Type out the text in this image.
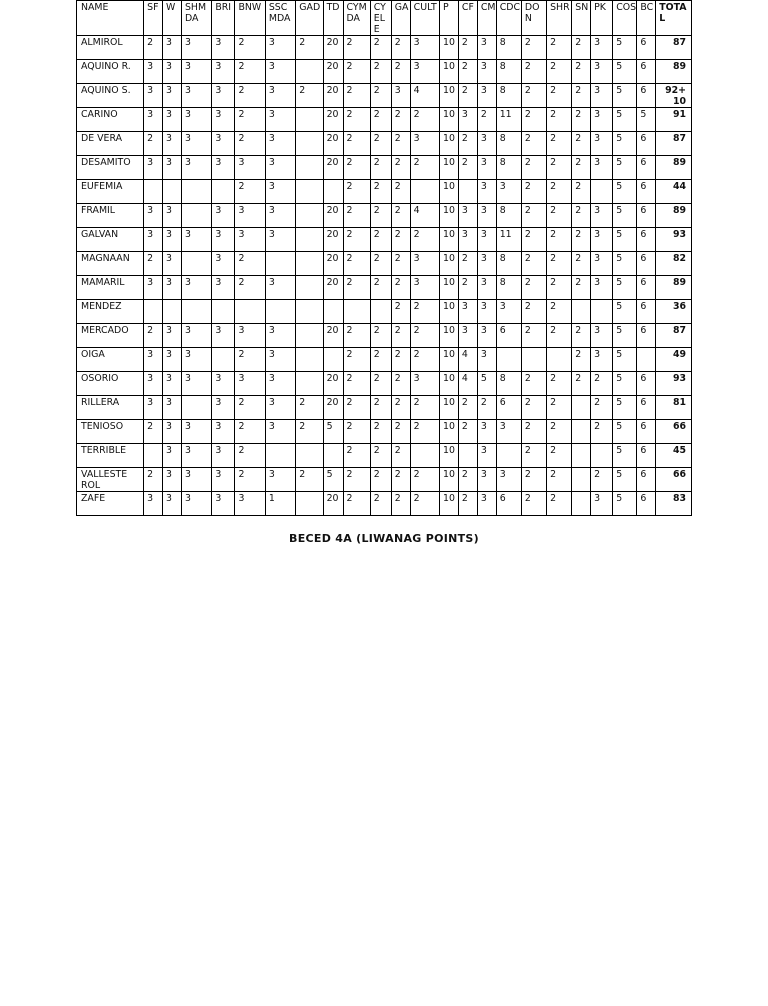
NAME	SF	W	SHMDA	BRI	BNW	SSCMDA	GAD	TD	CYMDA	CYELE	GA	CULT	P	CF	CM	CDC	DON	SHR	SN	PK	COS	BC	TOTAL
ALMIROL	2	3	3	3	2	3	2	20	2	2	2	3	10	2	3	8	2	2	2	3	5	6	87
AQUINO R.	3	3	3	3	2	3		20	2	2	2	3	10	2	3	8	2	2	2	3	5	6	89
AQUINO S.	3	3	3	3	2	3	2	20	2	2	3	4	10	2	3	8	2	2	2	3	5	6	92+ 10
CARINO	3	3	3	3	2	3		20	2	2	2	2	10	3	2	11	2	2	2	3	5	5	91
DE VERA	2	3	3	3	2	3		20	2	2	2	3	10	2	3	8	2	2	2	3	5	6	87
DESAMITO	3	3	3	3	3	3		20	2	2	2	2	10	2	3	8	2	2	2	3	5	6	89
EUFEMIA					2	3			2	2	2		10		3	3	2	2	2		5	6	44
FRAMIL	3	3		3	3	3		20	2	2	2	4	10	3	3	8	2	2	2	3	5	6	89
GALVAN	3	3	3	3	3	3		20	2	2	2	2	10	3	3	11	2	2	2	3	5	6	93
MAGNAAN	2	3		3	2			20	2	2	2	3	10	2	3	8	2	2	2	3	5	6	82
MAMARIL	3	3	3	3	2	3		20	2	2	2	3	10	2	3	8	2	2	2	3	5	6	89
MENDEZ											2	2	10	3	3	3	2	2			5	6	36
MERCADO	2	3	3	3	3	3		20	2	2	2	2	10	3	3	6	2	2	2	3	5	6	87
OIGA	3	3	3		2	3			2	2	2	2	10	4	3				2	3	5		49
OSORIO	3	3	3	3	3	3		20	2	2	2	3	10	4	5	8	2	2	2	2	5	6	93
RILLERA	3	3		3	2	3	2	20	2	2	2	2	10	2	2	6	2	2		2	5	6	81
TENIOSO	2	3	3	3	2	3	2	5	2	2	2	2	10	2	3	3	2	2		2	5	6	66
TERRIBLE		3	3	3	2				2	2	2		10		3		2	2			5	6	45
VALLESTE ROL	2	3	3	3	2	3	2	5	2	2	2	2	10	2	3	3	2	2		2	5	6	66
ZAFE	3	3	3	3	3	1		20	2	2	2	2	10	2	3	6	2	2		3	5	6	83
BECED 4A (LIWANAG POINTS)
